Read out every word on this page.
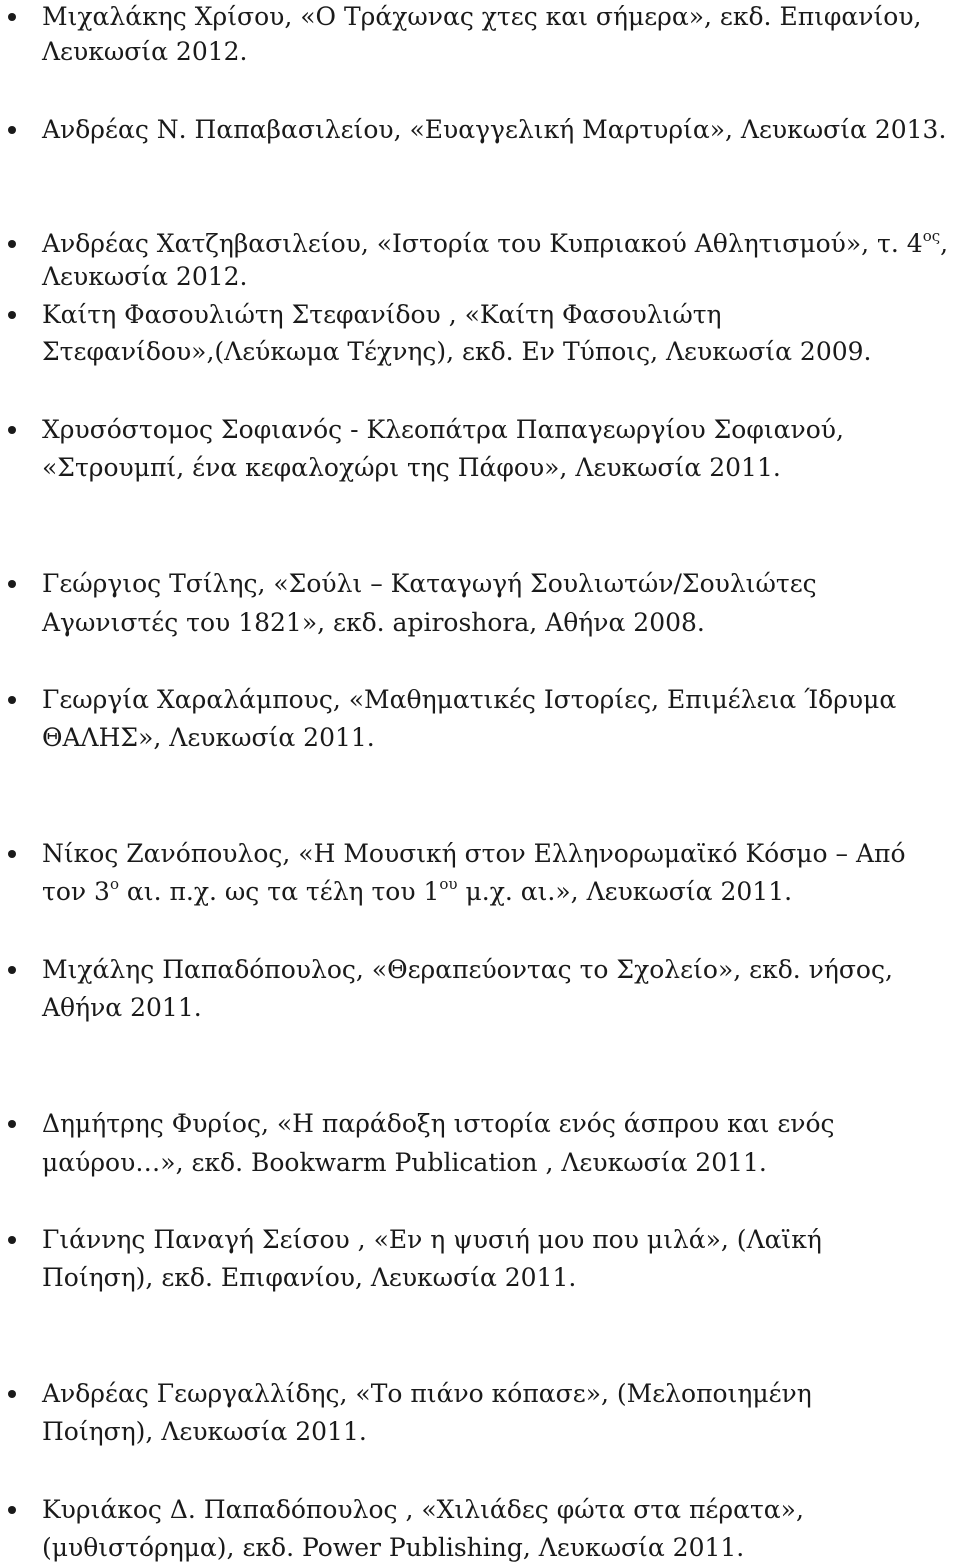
Μιχαλάκης Χρίσου, «Ο Τράχωνας χτες και σήμερα», εκδ. Επιφανίου,
Λευκωσία 2012.
Ανδρέας Ν. Παπαβασιλείου, «Ευαγγελική Μαρτυρία», Λευκωσία 2013.
Ανδρέας Χατζηβασιλείου, «Ιστορία του Κυπριακού Αθλητισμού», τ. $4^{o\varsigma}$,
Λευκωσία 2012.
Καίτη Φασουλιώτη Στεφανίδου , «Καίτη Φασουλιώτη
Στεφανίδου»,(Λεύκωμα Τέχνης), εκδ. Εν Τύποις, Λευκωσία 2009.
Χρυσόστομος Σοφιανός - Κλεοπάτρα Παπαγεωργίου Σοφιανού,
«Στρουμπί, ένα κεφαλοχώρι της Πάφου», Λευκωσία 2011.
Γεώργιος Τσίλης, «Σούλι – Καταγωγή Σουλιωτών/Σουλιώτες
Αγωνιστές του 1821», εκδ. apiroshora, Αθήνα 2008.
Γεωργία Χαραλάμπους, «Μαθηματικές Ιστορίες, Επιμέλεια Ίδρυμα
ΘΑΛΗΣ», Λευκωσία 2011.
Νίκος Ζανόπουλος, «Η Μουσική στον Ελληνορωμαϊκό Κόσμο – Από
τον $3^o$ αι. π.χ. ως τα τέλη του $1^{o\upsilon}$ μ.χ. αι.», Λευκωσία 2011.
Μιχάλης Παπαδόπουλος, «Θεραπεύοντας το Σχολείο», εκδ. νήσος,
Αθήνα 2011.
Δημήτρης Φυρίος, «Η παράδοξη ιστορία ενός άσπρου και ενός
μαύρου…», εκδ. Bookwarm Publication , Λευκωσία 2011.
Γιάννης Παναγή Σείσου , «Εν η ψυσιή μου που μιλά», (Λαϊκή
Ποίηση), εκδ. Επιφανίου, Λευκωσία 2011.
Ανδρέας Γεωργαλλίδης, «Το πιάνο κόπασε», (Μελοποιημένη
Ποίηση), Λευκωσία 2011.
Κυριάκος Δ. Παπαδόπουλος , «Χιλιάδες φώτα στα πέρατα»,
(μυθιστόρημα), εκδ. Power Publishing, Λευκωσία 2011.
